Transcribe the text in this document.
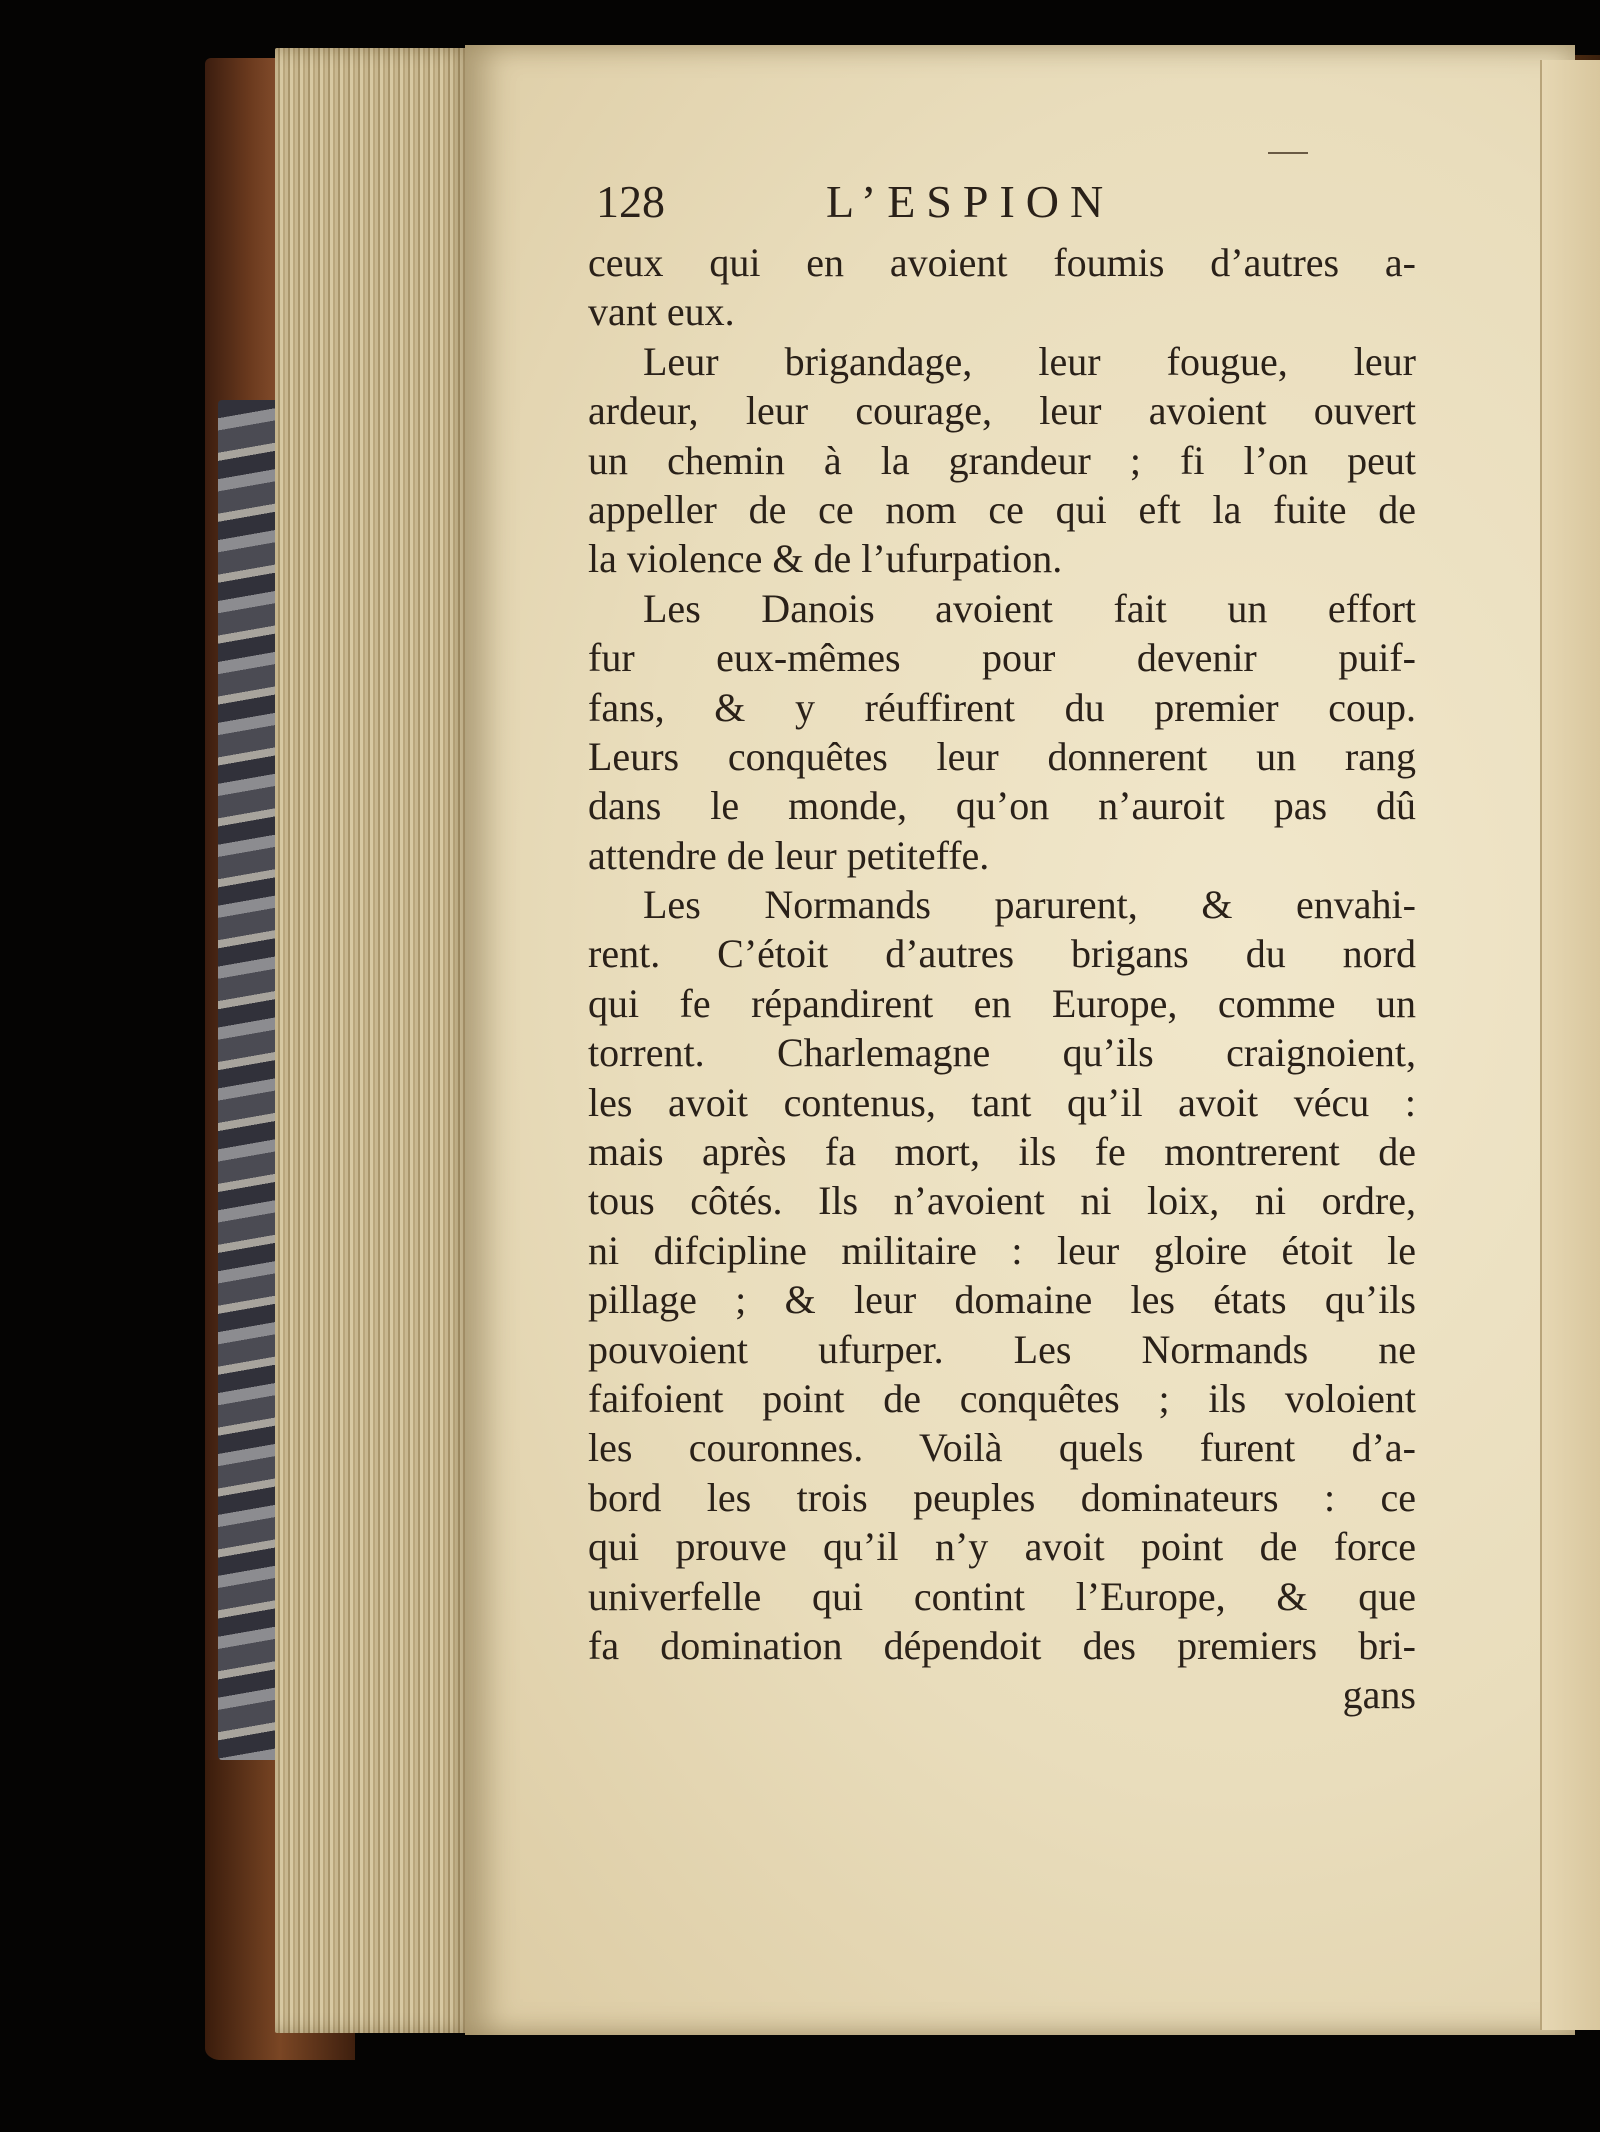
128	L’ESPION
ceux qui en avoient foumis d’autres a-
vant eux.
Leur brigandage, leur fougue, leur
ardeur, leur courage, leur avoient ouvert
un chemin à la grandeur ; fi l’on peut
appeller de ce nom ce qui eft la fuite de
la violence & de l’ufurpation.
Les Danois avoient fait un effort
fur eux-mêmes pour devenir puif-
fans, & y réuffirent du premier coup.
Leurs conquêtes leur donnerent un rang
dans le monde, qu’on n’auroit pas dû
attendre de leur petiteffe.
Les Normands parurent, & envahi-
rent. C’étoit d’autres brigans du nord
qui fe répandirent en Europe, comme un
torrent. Charlemagne qu’ils craignoient,
les avoit contenus, tant qu’il avoit vécu :
mais après fa mort, ils fe montrerent de
tous côtés. Ils n’avoient ni loix, ni ordre,
ni difcipline militaire : leur gloire étoit le
pillage ; & leur domaine les états qu’ils
pouvoient ufurper. Les Normands ne
faifoient point de conquêtes ; ils voloient
les couronnes. Voilà quels furent d’a-
bord les trois peuples dominateurs : ce
qui prouve qu’il n’y avoit point de force
univerfelle qui contint l’Europe, & que
fa domination dépendoit des premiers bri-
gans
